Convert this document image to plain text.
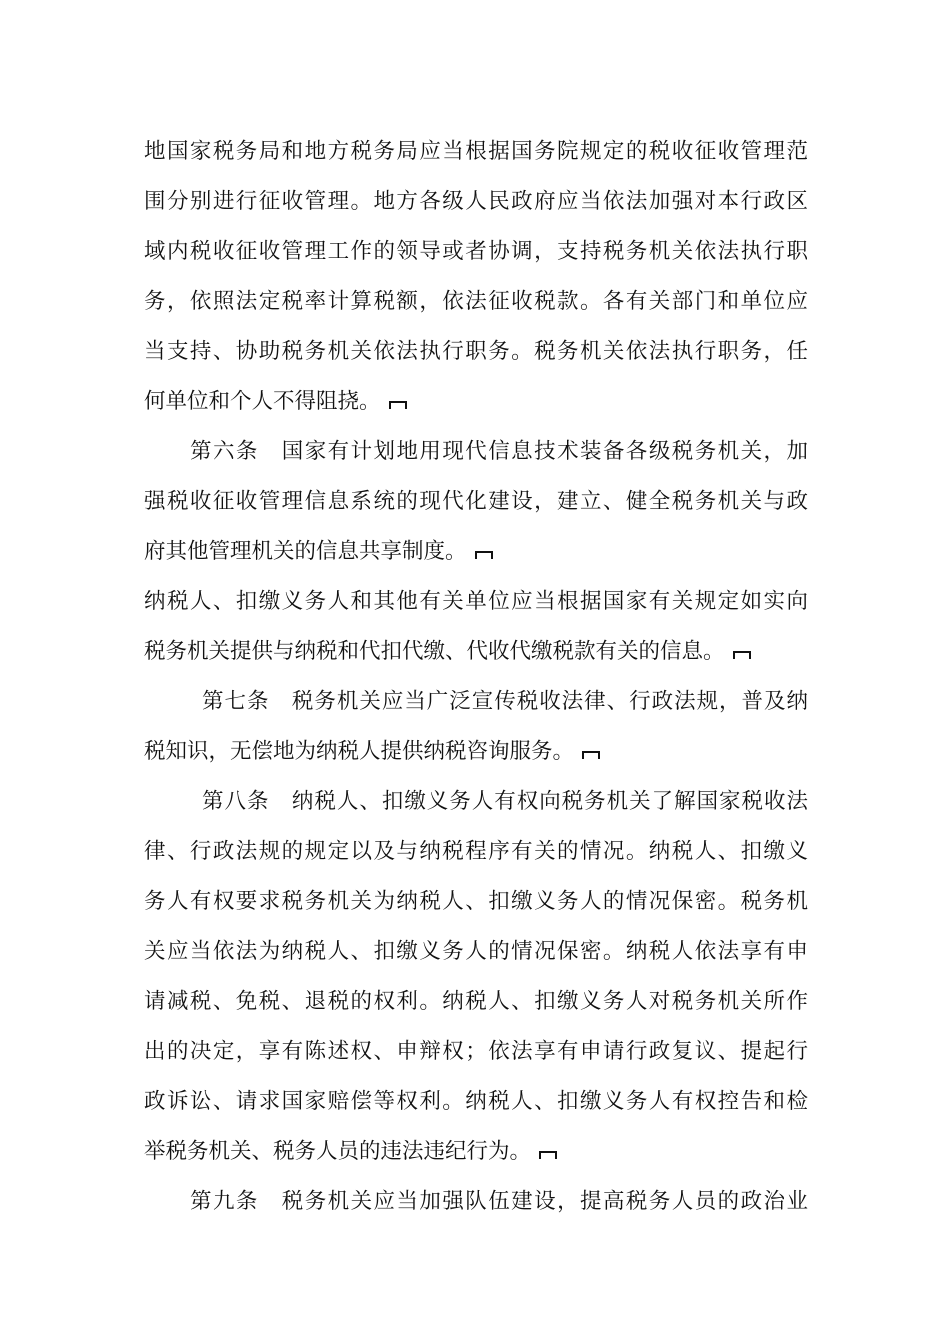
地国家税务局和地方税务局应当根据国务院规定的税收征收管理范
围分别进行征收管理。地方各级人民政府应当依法加强对本行政区
域内税收征收管理工作的领导或者协调，支持税务机关依法执行职
务，依照法定税率计算税额，依法征收税款。各有关部门和单位应
当支持、协助税务机关依法执行职务。税务机关依法执行职务，任
何单位和个人不得阻挠。
第六条　国家有计划地用现代信息技术装备各级税务机关，加
强税收征收管理信息系统的现代化建设，建立、健全税务机关与政
府其他管理机关的信息共享制度。
纳税人、扣缴义务人和其他有关单位应当根据国家有关规定如实向
税务机关提供与纳税和代扣代缴、代收代缴税款有关的信息。
第七条　税务机关应当广泛宣传税收法律、行政法规，普及纳
税知识，无偿地为纳税人提供纳税咨询服务。
第八条　纳税人、扣缴义务人有权向税务机关了解国家税收法
律、行政法规的规定以及与纳税程序有关的情况。纳税人、扣缴义
务人有权要求税务机关为纳税人、扣缴义务人的情况保密。税务机
关应当依法为纳税人、扣缴义务人的情况保密。纳税人依法享有申
请减税、免税、退税的权利。纳税人、扣缴义务人对税务机关所作
出的决定，享有陈述权、申辩权；依法享有申请行政复议、提起行
政诉讼、请求国家赔偿等权利。纳税人、扣缴义务人有权控告和检
举税务机关、税务人员的违法违纪行为。
第九条　税务机关应当加强队伍建设，提高税务人员的政治业
